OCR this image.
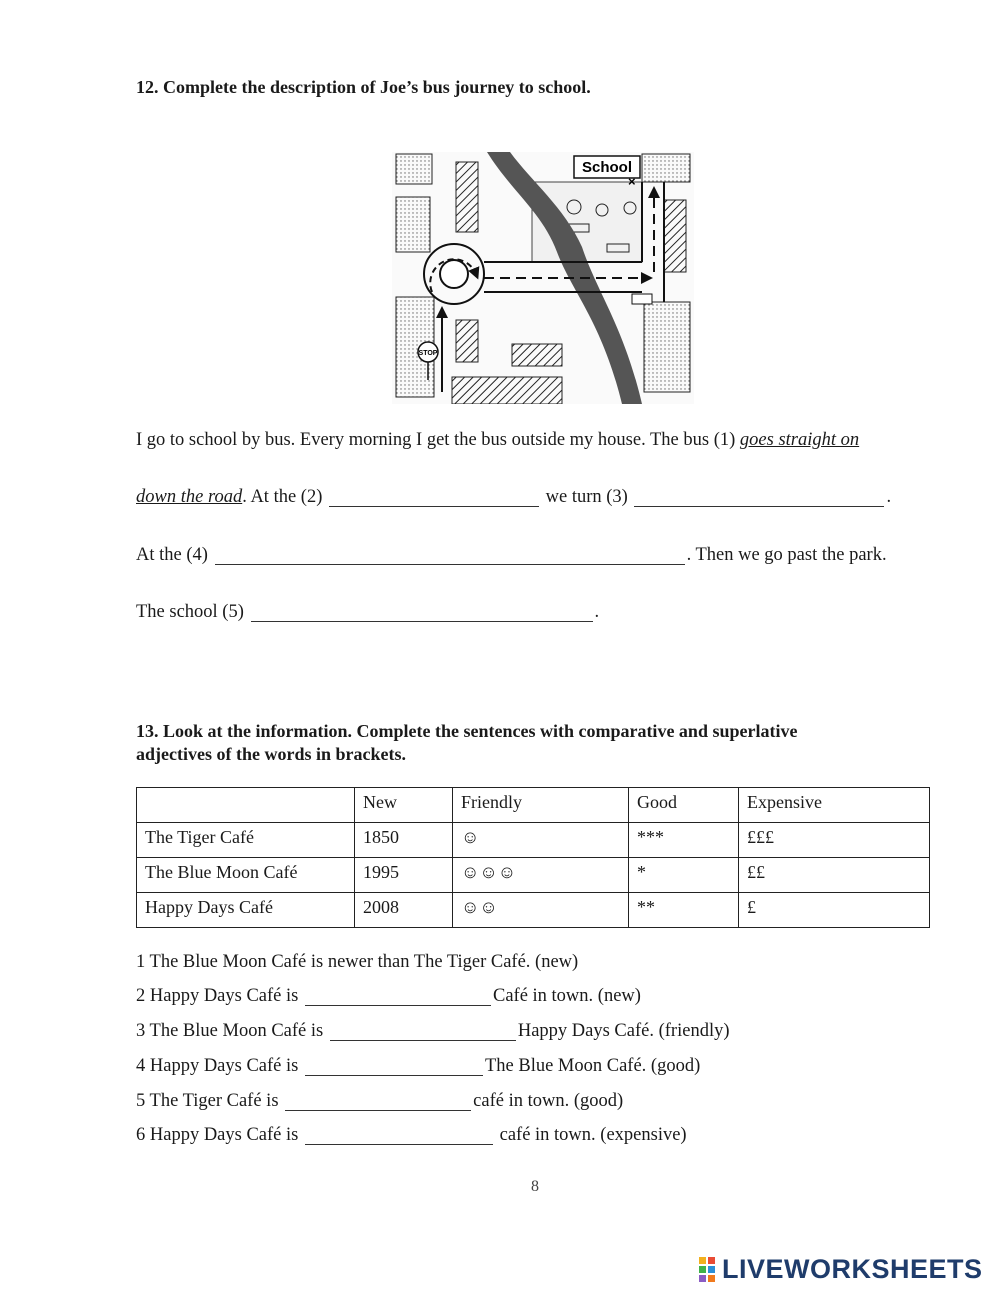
12. Complete the description of Joe’s bus journey to school.
STOP
School
×
I go to school by bus. Every morning I get the bus outside my house. The bus (1) goes straight on
down the road. At the (2)	we turn (3)	.
At the (4)	. Then we go past the park.
The school (5)	.
13. Look at the information. Complete the sentences with comparative and superlative
adjectives of the words in brackets.
	New	Friendly	Good	Expensive
The Tiger Café	1850	☺	***	£££
The Blue Moon Café	1995	☺☺☺	*	££
Happy Days Café	2008	☺☺	**	£
1 The Blue Moon Café is newer than The Tiger Café. (new)
2 Happy Days Café is	Café in town. (new)
3 The Blue Moon Café is	Happy Days Café. (friendly)
4 Happy Days Café is	The Blue Moon Café. (good)
5 The Tiger Café is	café in town. (good)
6 Happy Days Café is	café in town. (expensive)
8

LIVEWORKSHEETS
